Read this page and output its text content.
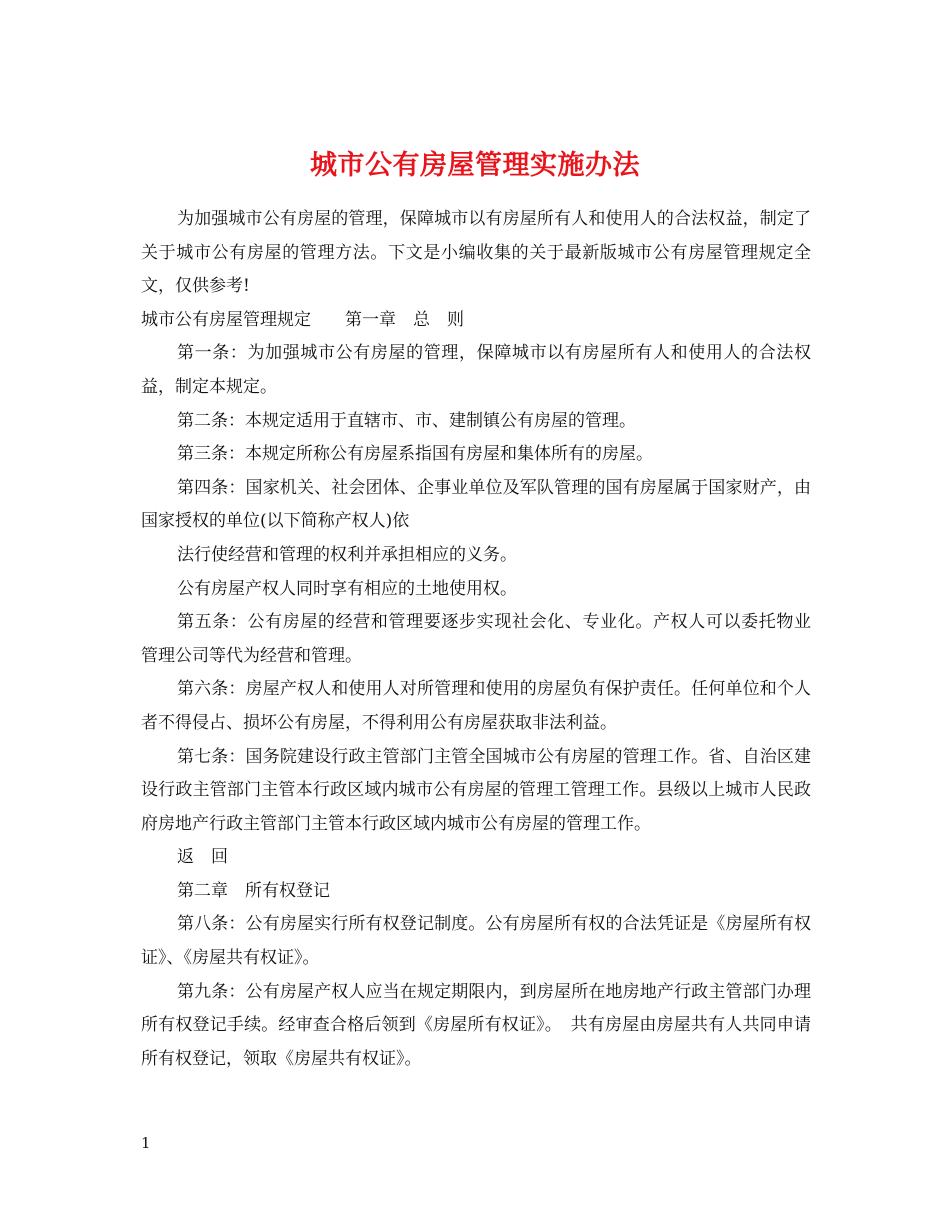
城市公有房屋管理实施办法

为加强城市公有房屋的管理，保障城市以有房屋所有人和使用人的合法权益，制定了关于城市公有房屋的管理方法。下文是小编收集的关于最新版城市公有房屋管理规定全文，仅供参考!

城市公有房屋管理规定　　第一章　总　则

第一条：为加强城市公有房屋的管理，保障城市以有房屋所有人和使用人的合法权益，制定本规定。

第二条：本规定适用于直辖市、市、建制镇公有房屋的管理。

第三条：本规定所称公有房屋系指国有房屋和集体所有的房屋。

第四条：国家机关、社会团体、企事业单位及军队管理的国有房屋属于国家财产，由国家授权的单位(以下简称产权人)依

法行使经营和管理的权利并承担相应的义务。

公有房屋产权人同时享有相应的土地使用权。

第五条：公有房屋的经营和管理要逐步实现社会化、专业化。产权人可以委托物业 管理公司等代为经营和管理。

第六条：房屋产权人和使用人对所管理和使用的房屋负有保护责任。任何单位和个人者不得侵占、损坏公有房屋，不得利用公有房屋获取非法利益。

第七条：国务院建设行政主管部门主管全国城市公有房屋的管理工作。省、自治区建设行政主管部门主管本行政区域内城市公有房屋的管理工管理工作。县级以上城市人民政府房地产行政主管部门主管本行政区域内城市公有房屋的管理工作。

返　回

第二章　所有权登记

第八条：公有房屋实行所有权登记制度。公有房屋所有权的合法凭证是《房屋所有权证》、《房屋共有权证》。

第九条：公有房屋产权人应当在规定期限内，到房屋所在地房地产行政主管部门办理所有权登记手续。经审查合格后领到《房屋所有权证》。　共有房屋由房屋共有人共同申请所有权登记，领取《房屋共有权证》。

1
